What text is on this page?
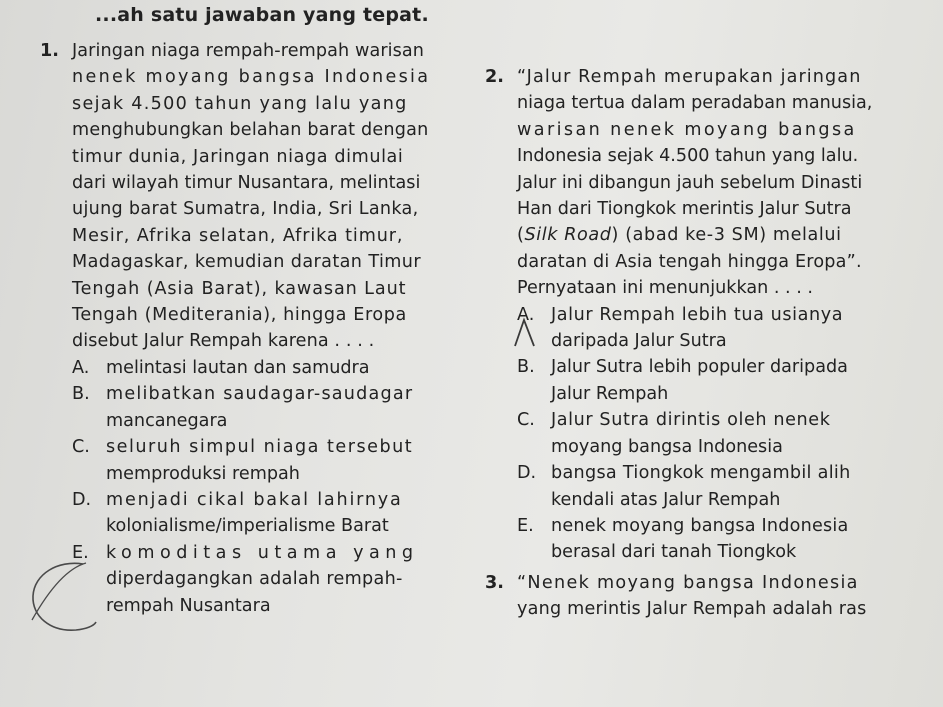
...ah satu jawaban yang tepat.
1. Jaringan niaga rempah-rempah warisan
nenek moyang bangsa Indonesia
sejak 4.500 tahun yang lalu yang
menghubungkan belahan barat dengan
timur dunia, Jaringan niaga dimulai
dari wilayah timur Nusantara, melintasi
ujung barat Sumatra, India, Sri Lanka,
Mesir, Afrika selatan, Afrika timur,
Madagaskar, kemudian daratan Timur
Tengah (Asia Barat), kawasan Laut
Tengah (Mediterania), hingga Eropa
disebut Jalur Rempah karena . . . .
A. melintasi lautan dan samudra
B. melibatkan saudagar-saudagar
mancanegara
C. seluruh simpul niaga tersebut
memproduksi rempah
D. menjadi cikal bakal lahirnya
kolonialisme/imperialisme Barat
E. komoditas utama yang
diperdagangkan adalah rempah-
rempah Nusantara
2. “Jalur Rempah merupakan jaringan
niaga tertua dalam peradaban manusia,
warisan nenek moyang bangsa
Indonesia sejak 4.500 tahun yang lalu.
Jalur ini dibangun jauh sebelum Dinasti
Han dari Tiongkok merintis Jalur Sutra
(Silk Road) (abad ke-3 SM) melalui
daratan di Asia tengah hingga Eropa”.
Pernyataan ini menunjukkan . . . .
A. Jalur Rempah lebih tua usianya
daripada Jalur Sutra
B. Jalur Sutra lebih populer daripada
Jalur Rempah
C. Jalur Sutra dirintis oleh nenek
moyang bangsa Indonesia
D. bangsa Tiongkok mengambil alih
kendali atas Jalur Rempah
E. nenek moyang bangsa Indonesia
berasal dari tanah Tiongkok
3. “Nenek moyang bangsa Indonesia
yang merintis Jalur Rempah adalah ras
